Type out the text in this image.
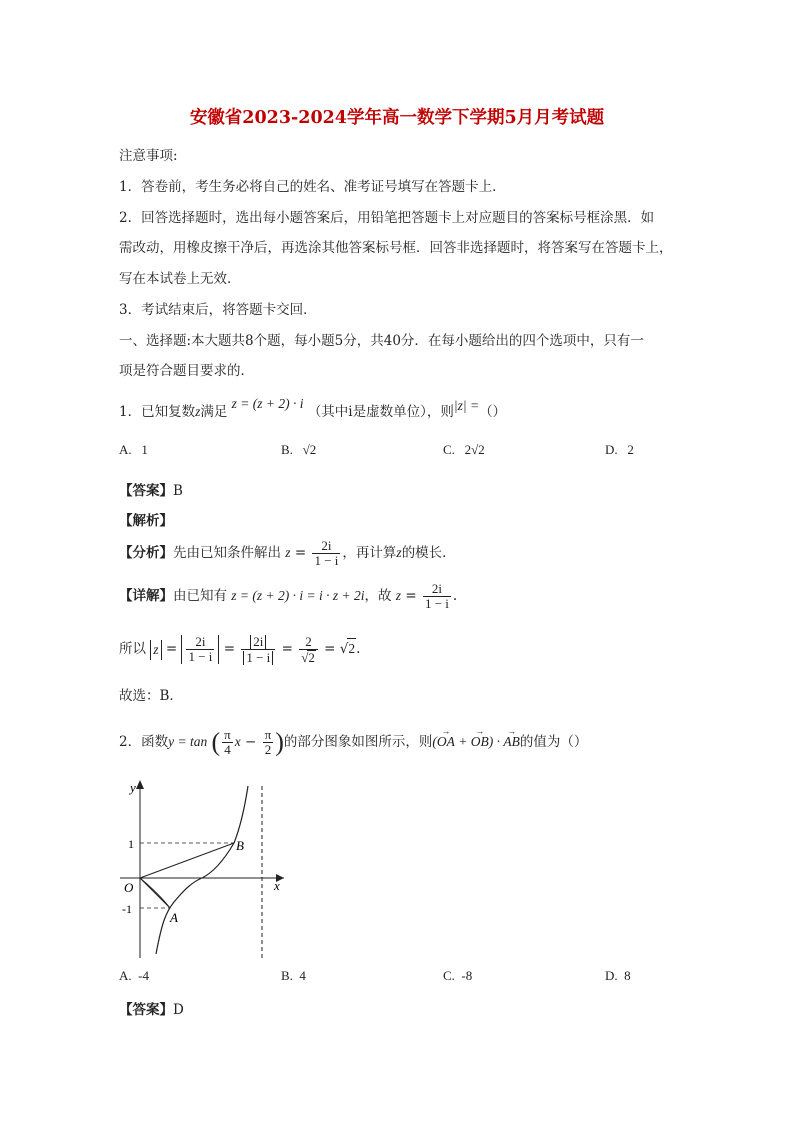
安徽省2023-2024学年高一数学下学期5月月考试题
注意事项:
1．答卷前，考生务必将自己的姓名、准考证号填写在答题卡上．
2．回答选择题时，选出每小题答案后，用铅笔把答题卡上对应题目的答案标号框涂黑．如
需改动，用橡皮擦干净后，再选涂其他答案标号框．回答非选择题时，将答案写在答题卡上，
写在本试卷上无效．
3．考试结束后，将答题卡交回．
一、选择题:本大题共8个题，每小题5分，共40分．在每小题给出的四个选项中，只有一
项是符合题目要求的．
1．已知复数z满足 z = (z + 2) · i （其中i是虚数单位），则|z| =（）
A.   1	B.   √2	C.   2√2	D.   2
【答案】B
【解析】
【分析】先由已知条件解出 $z = \frac{2i}{1 - i}$ ，再计算z的模长．
【详解】由已知有 z = (z + 2) · i = i · z + 2i，故 $z = \frac{2i}{1 - i}$ .
所以 $z = \frac{2i}{1 - i} = \frac{2i}{1 - i} = \frac{2}{√2} = √2$.
故选：B．
2．函数y = tan ( $\frac{\pi}{4}$ $x - \frac{\pi}{2}$ )的部分图象如图所示，则(→ OA + → OB) · → AB的值为（）
y
x
O
1
-1
B
A
A.  -4	B.  4	C.  -8	D.  8
【答案】D
